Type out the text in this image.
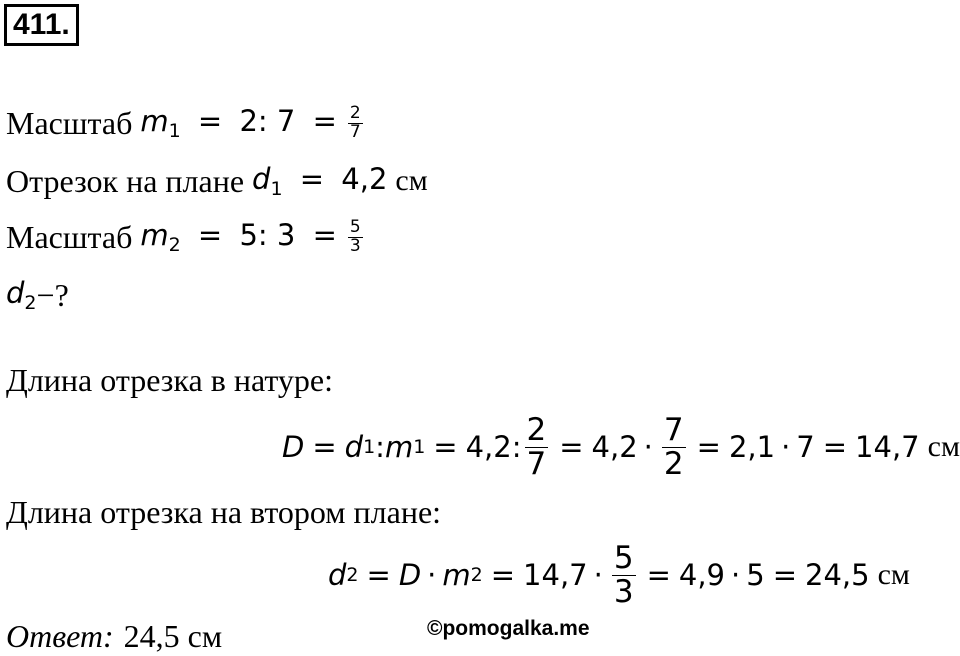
411.
Масштаб $m_1 = 2$: $7 = \frac{2}{7}$
Отрезок на плане $d_1 = 4,2$ см
Масштаб $m_2 = 5$: $3 = \frac{5}{3}$
$d_2$ −?
Длина отрезка в натуре:
D = d 1 : m 1 = 4,2: $\frac{2}{7} = 4,2 \cdot \frac{7}{2} = 2,1 \cdot 7 = 14,7$ см
Длина отрезка на втором плане:
d 2 = D · m $2 = 14,7 \cdot \frac{5}{3} = 4,9 \cdot 5 = 24,5$ см
Ответ: 24,5 см	©pomogalka.me
